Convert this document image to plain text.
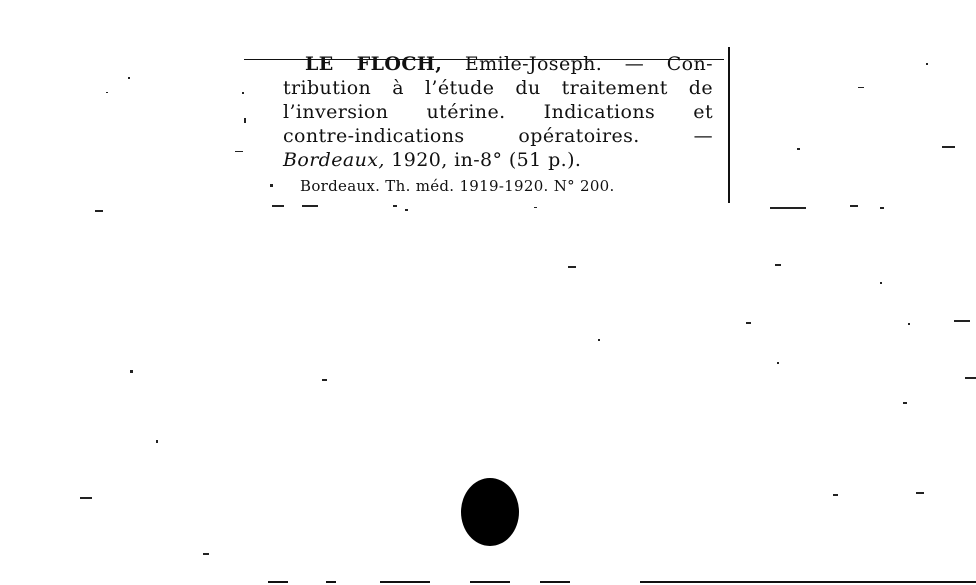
LE FLOCH, Emile-Joseph. — Con-
tribution à l’étude du traitement de
l’inversion utérine. Indications et
contre-indications opératoires. —
Bordeaux, 1920, in-8° (51 p.).
Bordeaux. Th. méd. 1919-1920. N° 200.
